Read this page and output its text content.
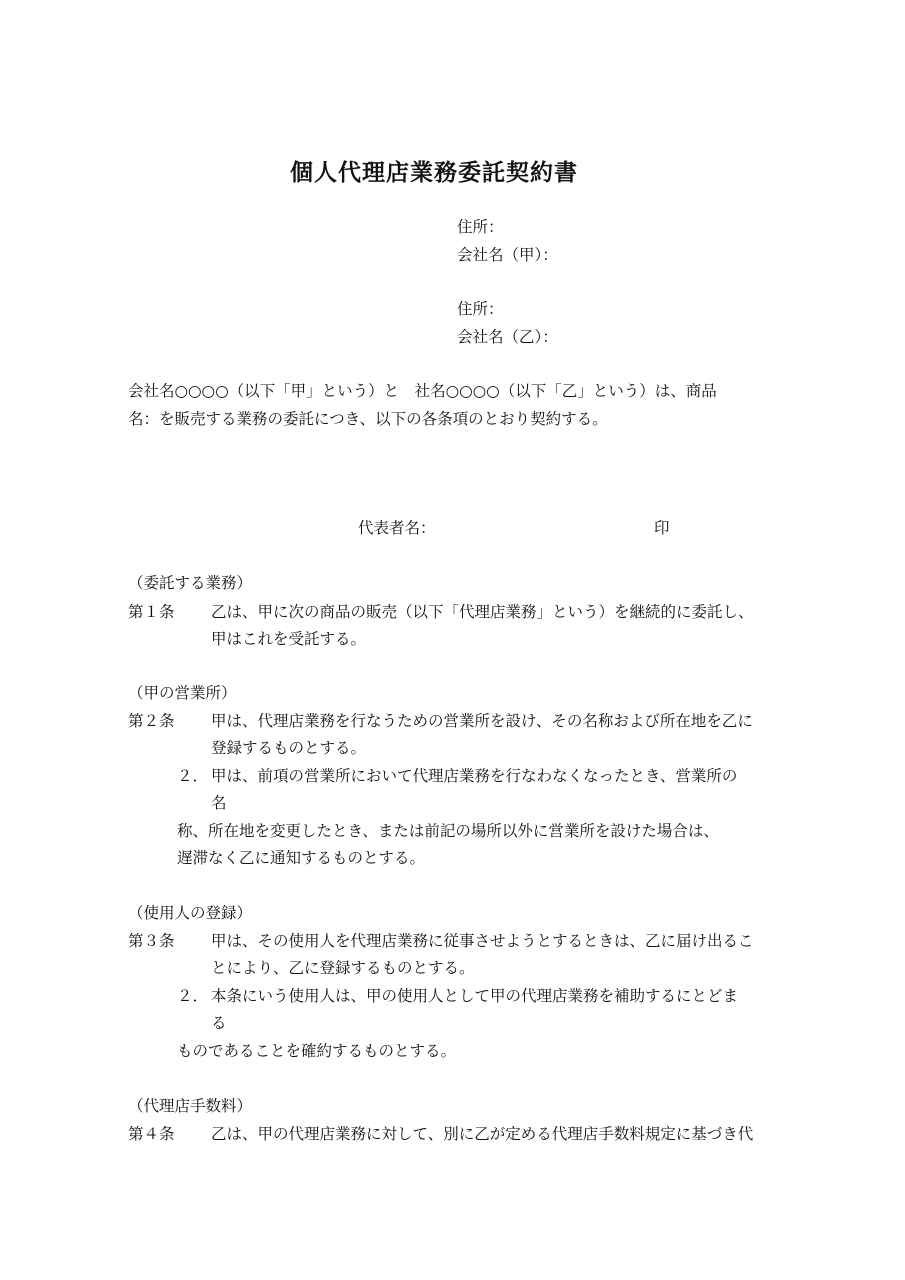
個人代理店業務委託契約書
住所：
会社名（甲）：
住所：
会社名（乙）：
会社名○○○○（以下「甲」という）と　社名○○○○（以下「乙」という）は、商品
名：を販売する業務の委託につき、以下の各条項のとおり契約する。
代表者名：	印
（委託する業務）
第１条 乙は、甲に次の商品の販売（以下「代理店業務」という）を継続的に委託し、
甲はこれを受託する。
（甲の営業所）
第２条 甲は、代理店業務を行なうための営業所を設け、その名称および所在地を乙に
登録するものとする。
２． 甲は、前項の営業所において代理店業務を行なわなくなったとき、営業所の
名
称、所在地を変更したとき、または前記の場所以外に営業所を設けた場合は、
遅滞なく乙に通知するものとする。
（使用人の登録）
第３条 甲は、その使用人を代理店業務に従事させようとするときは、乙に届け出るこ
とにより、乙に登録するものとする。
２． 本条にいう使用人は、甲の使用人として甲の代理店業務を補助するにとどま
る
ものであることを確約するものとする。
（代理店手数料）
第４条 乙は、甲の代理店業務に対して、別に乙が定める代理店手数料規定に基づき代
